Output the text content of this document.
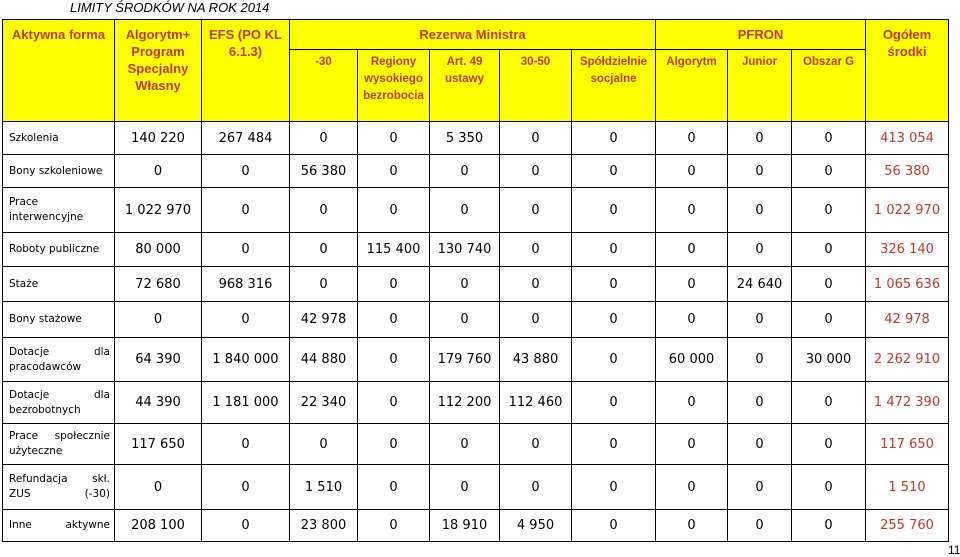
LIMITY ŚRODKÓW NA ROK 2014
Aktywna forma	Algorytm+ Program Specjalny Własny	EFS (PO KL 6.1.3)	Rezerwa Ministra					PFRON			Ogółem środki
			-30	Regiony wysokiego bezrobocia	Art. 49 ustawy	30-50	Spółdzielnie socjalne	Algorytm	Junior	Obszar G	
Szkolenia	140 220	267 484	0	0	5 350	0	0	0	0	0	413 054
Bony szkoleniowe	0	0	56 380	0	0	0	0	0	0	0	56 380
Prace interwencyjne	1 022 970	0	0	0	0	0	0	0	0	0	1 022 970
Roboty publiczne	80 000	0	0	115 400	130 740	0	0	0	0	0	326 140
Staże	72 680	968 316	0	0	0	0	0	0	24 640	0	1 065 636
Bony stażowe	0	0	42 978	0	0	0	0	0	0	0	42 978
Dotacje dla pracodawców	64 390	1 840 000	44 880	0	179 760	43 880	0	60 000	0	30 000	2 262 910
Dotacje dla bezrobotnych	44 390	1 181 000	22 340	0	112 200	112 460	0	0	0	0	1 472 390
Prace społecznie użyteczne	117 650	0	0	0	0	0	0	0	0	0	117 650
Refundacja skł. ZUS (-30)	0	0	1 510	0	0	0	0	0	0	0	1 510
Inne aktywne	208 100	0	23 800	0	18 910	4 950	0	0	0	0	255 760
11
